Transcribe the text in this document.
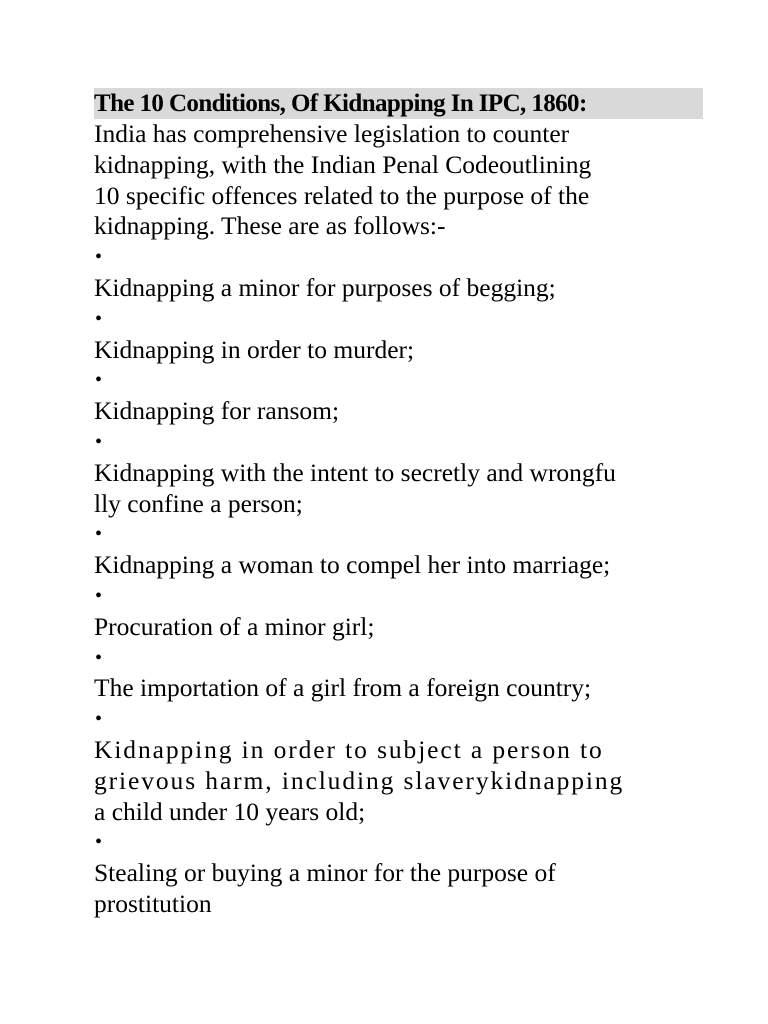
The 10 Conditions, Of Kidnapping In IPC, 1860:
India has comprehensive legislation to counter
kidnapping, with the Indian Penal Codeoutlining
10 specific offences related to the purpose of the
kidnapping. These are as follows:-
•
Kidnapping a minor for purposes of begging;
•
Kidnapping in order to murder;
•
Kidnapping for ransom;
•
Kidnapping with the intent to secretly and wrongfu
lly confine a person;
•
Kidnapping a woman to compel her into marriage;
•
Procuration of a minor girl;
•
The importation of a girl from a foreign country;
•
Kidnapping in order to subject a person to
grievous harm, including slaverykidnapping
a child under 10 years old;
•
Stealing or buying a minor for the purpose of
prostitution
